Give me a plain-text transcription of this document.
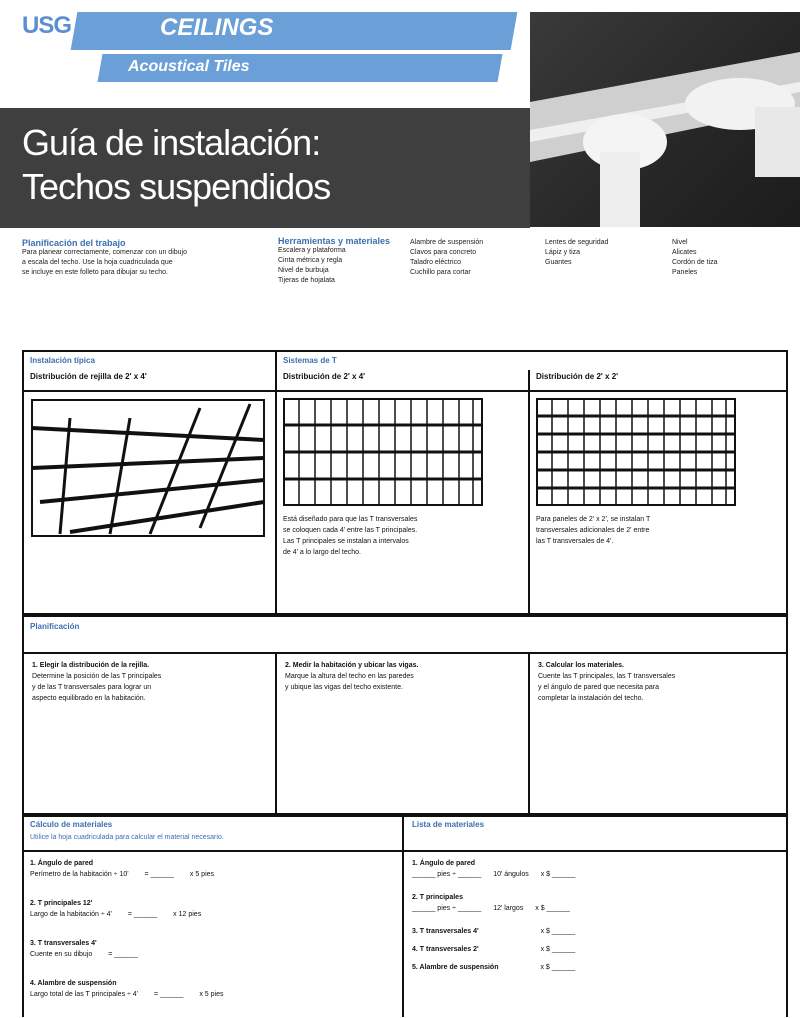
USG	CEILINGS
Acoustical Tiles
Guía de instalación:
Techos suspendidos
Planificación del trabajo
Para planear correctamente, comenzar con un dibujo
a escala del techo. Use la hoja cuadriculada que
se incluye en este folleto para dibujar su techo.
Herramientas y materiales
Escalera y plataforma
Cinta métrica y regla
Nivel de burbuja
Tijeras de hojalata
Alambre de suspensión
Clavos para concreto
Taladro eléctrico
Cuchillo para cortar
Lentes de seguridad
Lápiz y tiza
Guantes
Nivel
Alicates
Cordón de tiza
Paneles
Instalación típica
Distribución de rejilla de 2' x 4'
Sistemas de T
Distribución de 2' x 4'	Distribución de 2' x 2'
Está diseñado para que las T transversales
se coloquen cada 4' entre las T principales.
Las T principales se instalan a intervalos
de 4' a lo largo del techo.
Para paneles de 2' x 2', se instalan T
transversales adicionales de 2' entre
las T transversales de 4'.
Planificación
1. Elegir la distribución de la rejilla.
Determine la posición de las T principales
y de las T transversales para lograr un
aspecto equilibrado en la habitación.
2. Medir la habitación y ubicar las vigas.
Marque la altura del techo en las paredes
y ubique las vigas del techo existente.
3. Calcular los materiales.
Cuente las T principales, las T transversales
y el ángulo de pared que necesita para
completar la instalación del techo.
Cálculo de materiales
Utilice la hoja cuadriculada para calcular el material necesario.
Lista de materiales
1. Ángulo de pared
Perímetro de la habitación ÷ 10' = ______ x 5 pies
2. T principales 12'
Largo de la habitación ÷ 4' = ______ x 12 pies
3. T transversales 4'
Cuente en su dibujo = ______
4. Alambre de suspensión
Largo total de las T principales ÷ 4' = ______ x 5 pies
1. Ángulo de pared
______ pies ÷ ______ 10' ángulos x $ ______
2. T principales
______ pies ÷ ______ 12' largos x $ ______
3. T transversales 4'	x $ ______
4. T transversales 2'	x $ ______
5. Alambre de suspensión	x $ ______
